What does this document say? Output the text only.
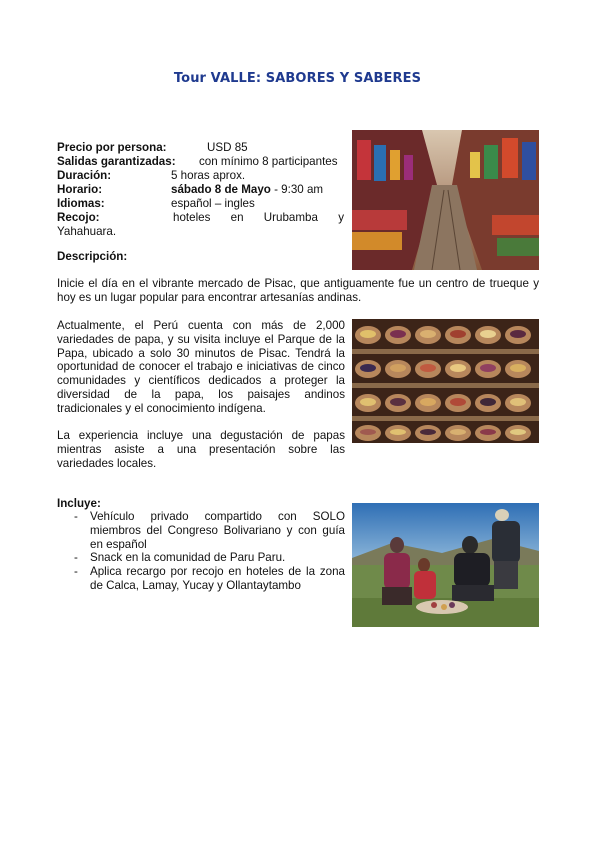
Tour VALLE: SABORES Y SABERES
Precio por persona:	USD 85
Salidas garantizadas: con mínimo 8 participantes
Duración:	5 horas aprox.
Horario:	sábado 8 de Mayo - 9:30 am
Idiomas:	español – ingles
Recojo:	hoteles en Urubamba y
Yahahuara.
Descripción:
Inicie el día en el vibrante mercado de Pisac, que antiguamente fue un centro de trueque y hoy es un lugar popular para encontrar artesanías andinas.
Actualmente, el Perú cuenta con más de 2,000 variedades de papa, y su visita incluye el Parque de la Papa, ubicado a solo 30 minutos de Pisac. Tendrá la oportunidad de conocer el trabajo e iniciativas de cinco comunidades y científicos dedicados a proteger la diversidad de la papa, los paisajes andinos tradicionales y el conocimiento indígena.
La experiencia incluye una degustación de papas mientras asiste a una presentación sobre las variedades locales.
Incluye:
- Vehículo privado compartido con SOLO miembros del Congreso Bolivariano y con guía en español
- Snack en la comunidad de Paru Paru.
- Aplica recargo por recojo en hoteles de la zona de Calca, Lamay, Yucay y Ollantaytambo
